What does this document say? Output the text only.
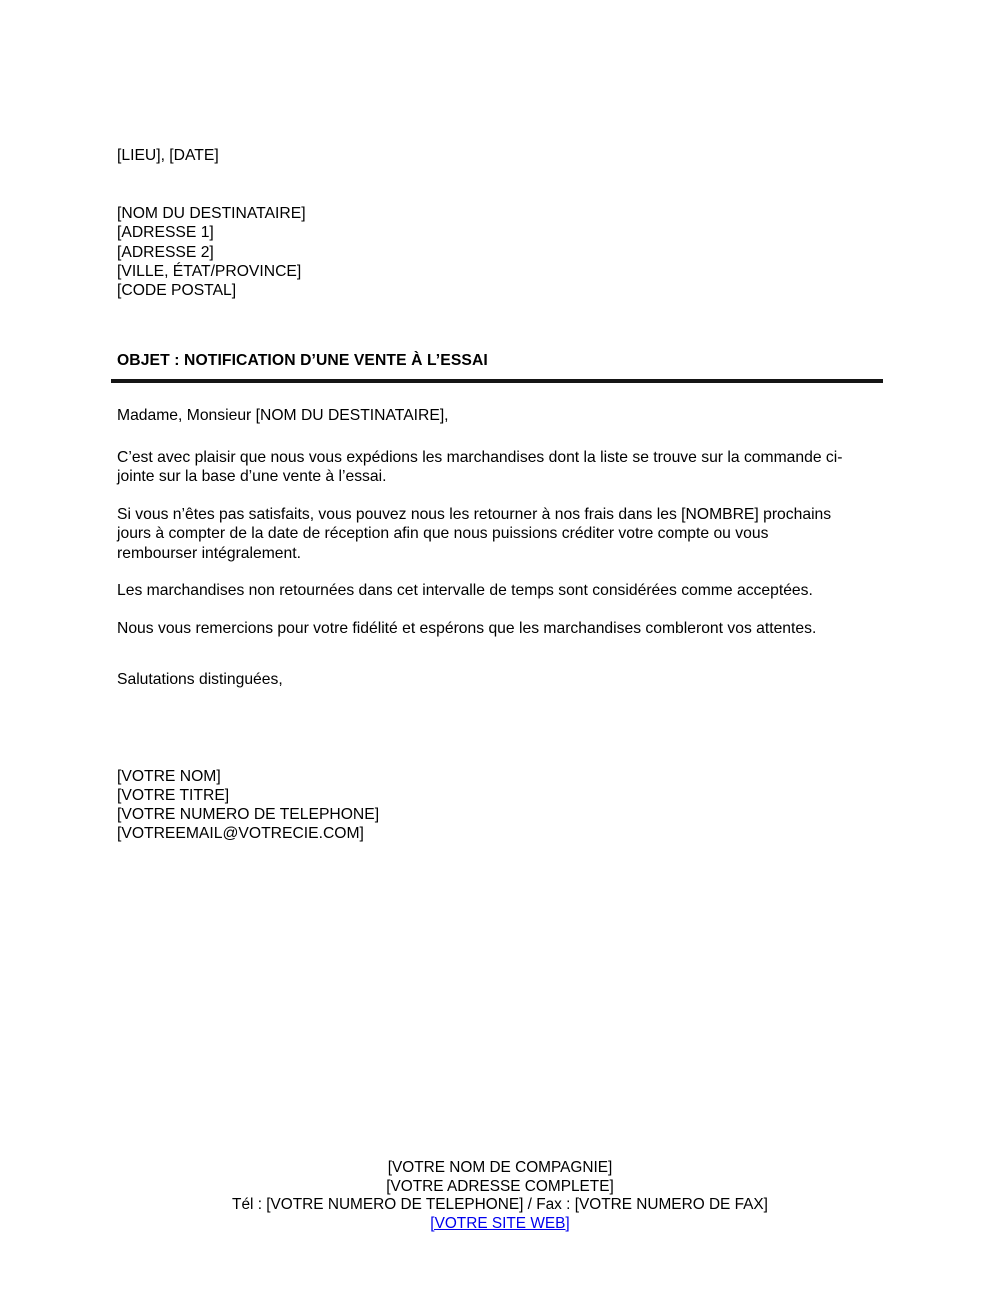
[LIEU], [DATE]
[NOM DU DESTINATAIRE]
[ADRESSE 1]
[ADRESSE 2]
[VILLE, ÉTAT/PROVINCE]
[CODE POSTAL]
OBJET : NOTIFICATION D’UNE VENTE À L’ESSAI
Madame, Monsieur [NOM DU DESTINATAIRE],
C’est avec plaisir que nous vous expédions les marchandises dont la liste se trouve sur la commande ci-
jointe sur la base d’une vente à l’essai.
Si vous n’êtes pas satisfaits, vous pouvez nous les retourner à nos frais dans les [NOMBRE] prochains
jours à compter de la date de réception afin que nous puissions créditer votre compte ou vous
rembourser intégralement.
Les marchandises non retournées dans cet intervalle de temps sont considérées comme acceptées.
Nous vous remercions pour votre fidélité et espérons que les marchandises combleront vos attentes.
Salutations distinguées,
[VOTRE NOM]
[VOTRE TITRE]
[VOTRE NUMERO DE TELEPHONE]
[VOTREEMAIL@VOTRECIE.COM]
[VOTRE NOM DE COMPAGNIE]
[VOTRE ADRESSE COMPLETE]
Tél : [VOTRE NUMERO DE TELEPHONE] / Fax : [VOTRE NUMERO DE FAX]
[VOTRE SITE WEB]
